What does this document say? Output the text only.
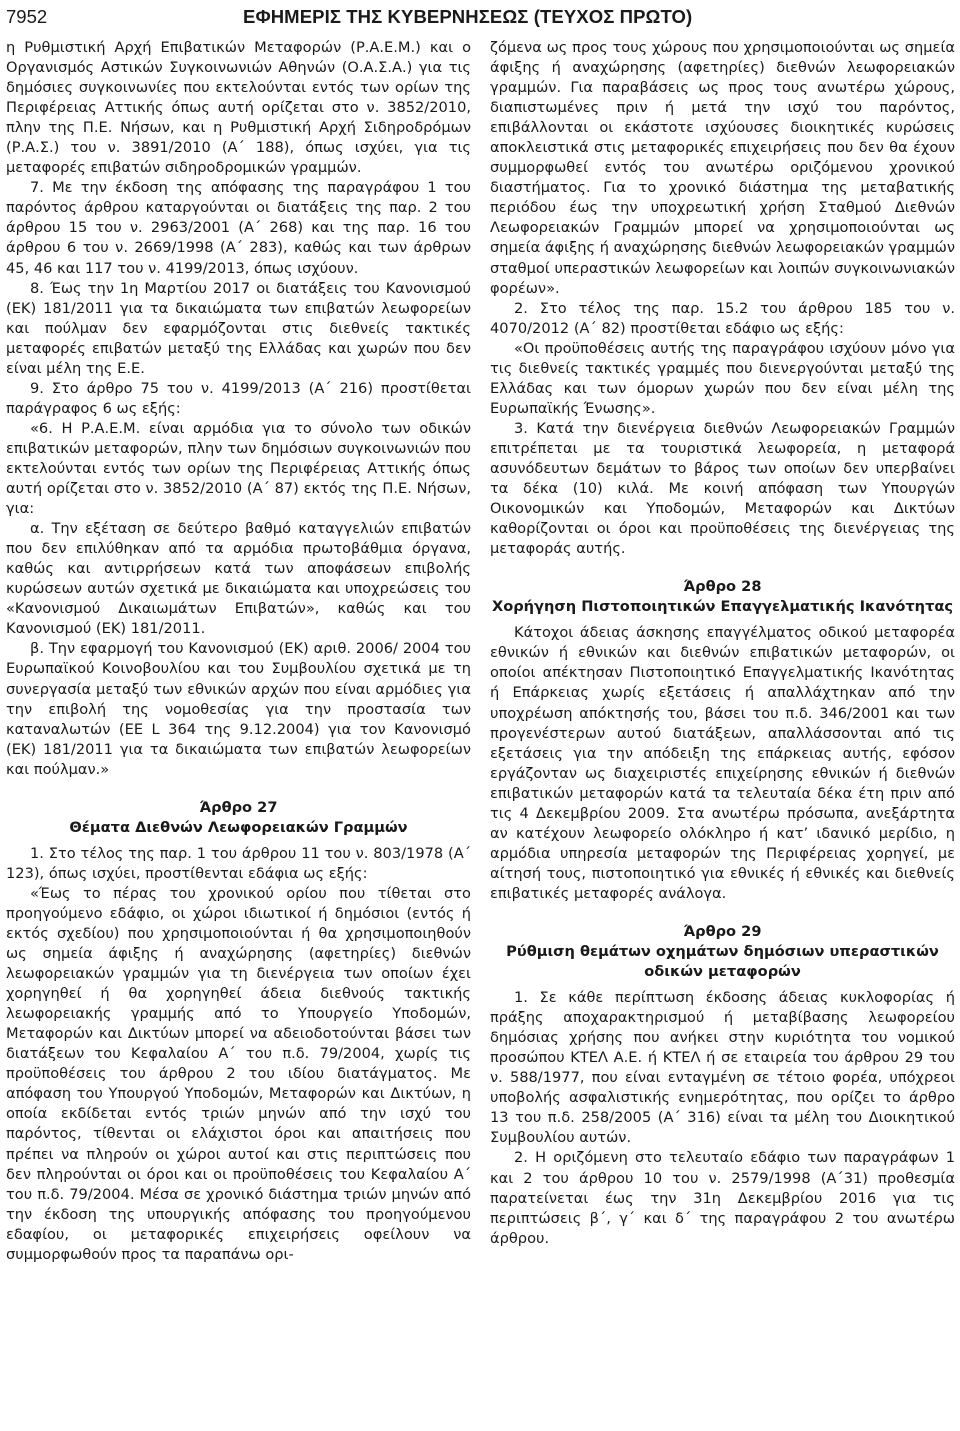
7952	ΕΦΗΜΕΡΙΣ ΤΗΣ ΚΥΒΕΡΝΗΣΕΩΣ (ΤΕΥΧΟΣ ΠΡΩΤΟ)

η Ρυθμιστική Αρχή Επιβατικών Μεταφορών (Ρ.Α.Ε.Μ.) και ο Οργανισμός Αστικών Συγκοινωνιών Αθηνών (Ο.Α.Σ.Α.) για τις δημόσιες συγκοινωνίες που εκτελούνται εντός των ορίων της Περιφέρειας Αττικής όπως αυτή ορίζεται στο ν. 3852/2010, πλην της Π.Ε. Νήσων, και η Ρυθμιστική Αρχή Σιδηροδρόμων (Ρ.Α.Σ.) του ν. 3891/2010 (Α΄ 188), όπως ισχύει, για τις μεταφορές επιβατών σιδηροδρομικών γραμμών.

7. Με την έκδοση της απόφασης της παραγράφου 1 του παρόντος άρθρου καταργούνται οι διατάξεις της παρ. 2 του άρθρου 15 του ν. 2963/2001 (Α΄ 268) και της παρ. 16 του άρθρου 6 του ν. 2669/1998 (Α΄ 283), καθώς και των άρθρων 45, 46 και 117 του ν. 4199/2013, όπως ισχύουν.

8. Έως την 1η Μαρτίου 2017 οι διατάξεις του Κανονισμού (ΕΚ) 181/2011 για τα δικαιώματα των επιβατών λεωφορείων και πούλμαν δεν εφαρμόζονται στις διεθνείς τακτικές μεταφορές επιβατών μεταξύ της Ελλάδας και χωρών που δεν είναι μέλη της Ε.Ε.

9. Στο άρθρο 75 του ν. 4199/2013 (Α΄ 216) προστίθεται παράγραφος 6 ως εξής:

«6. Η Ρ.Α.Ε.Μ. είναι αρμόδια για το σύνολο των οδικών επιβατικών μεταφορών, πλην των δημόσιων συγκοινωνιών που εκτελούνται εντός των ορίων της Περιφέρειας Αττικής όπως αυτή ορίζεται στο ν. 3852/2010 (Α΄ 87) εκτός της Π.Ε. Νήσων, για:

α. Την εξέταση σε δεύτερο βαθμό καταγγελιών επιβατών που δεν επιλύθηκαν από τα αρμόδια πρωτοβάθμια όργανα, καθώς και αντιρρήσεων κατά των αποφάσεων επιβολής κυρώσεων αυτών σχετικά με δικαιώματα και υποχρεώσεις του «Κανονισμού Δικαιωμάτων Επιβατών», καθώς και του Κανονισμού (ΕΚ) 181/2011.

β. Την εφαρμογή του Κανονισμού (ΕΚ) αριθ. 2006/ 2004 του Ευρωπαϊκού Κοινοβουλίου και του Συμβουλίου σχετικά με τη συνεργασία μεταξύ των εθνικών αρχών που είναι αρμόδιες για την επιβολή της νομοθεσίας για την προστασία των καταναλωτών (ΕΕ L 364 της 9.12.2004) για τον Κανονισμό (ΕΚ) 181/2011 για τα δικαιώματα των επιβατών λεωφορείων και πούλμαν.»

Άρθρο 27

Θέματα Διεθνών Λεωφορειακών Γραμμών

1. Στο τέλος της παρ. 1 του άρθρου 11 του ν. 803/1978 (Α΄ 123), όπως ισχύει, προστίθενται εδάφια ως εξής:

«Έως το πέρας του χρονικού ορίου που τίθεται στο προηγούμενο εδάφιο, οι χώροι ιδιωτικοί ή δημόσιοι (εντός ή εκτός σχεδίου) που χρησιμοποιούνται ή θα χρησιμοποιηθούν ως σημεία άφιξης ή αναχώρησης (αφετηρίες) διεθνών λεωφορειακών γραμμών για τη διενέργεια των οποίων έχει χορηγηθεί ή θα χορηγηθεί άδεια διεθνούς τακτικής λεωφορειακής γραμμής από το Υπουργείο Υποδομών, Μεταφορών και Δικτύων μπορεί να αδειοδοτούνται βάσει των διατάξεων του Κεφαλαίου Α΄ του π.δ. 79/2004, χωρίς τις προϋποθέσεις του άρθρου 2 του ιδίου διατάγματος. Με απόφαση του Υπουργού Υποδομών, Μεταφορών και Δικτύων, η οποία εκδίδεται εντός τριών μηνών από την ισχύ του παρόντος, τίθενται οι ελάχιστοι όροι και απαιτήσεις που πρέπει να πληρούν οι χώροι αυτοί και στις περιπτώσεις που δεν πληρούνται οι όροι και οι προϋποθέσεις του Κεφαλαίου Α΄ του π.δ. 79/2004. Μέσα σε χρονικό διάστημα τριών μηνών από την έκδοση της υπουργικής απόφασης του προηγούμενου εδαφίου, οι μεταφορικές επιχειρήσεις οφείλουν να συμμορφωθούν προς τα παραπάνω ορι-

ζόμενα ως προς τους χώρους που χρησιμοποιούνται ως σημεία άφιξης ή αναχώρησης (αφετηρίες) διεθνών λεωφορειακών γραμμών. Για παραβάσεις ως προς τους ανωτέρω χώρους, διαπιστωμένες πριν ή μετά την ισχύ του παρόντος, επιβάλλονται οι εκάστοτε ισχύουσες διοικητικές κυρώσεις αποκλειστικά στις μεταφορικές επιχειρήσεις που δεν θα έχουν συμμορφωθεί εντός του ανωτέρω οριζόμενου χρονικού διαστήματος. Για το χρονικό διάστημα της μεταβατικής περιόδου έως την υποχρεωτική χρήση Σταθμού Διεθνών Λεωφορειακών Γραμμών μπορεί να χρησιμοποιούνται ως σημεία άφιξης ή αναχώρησης διεθνών λεωφορειακών γραμμών σταθμοί υπεραστικών λεωφορείων και λοιπών συγκοινωνιακών φορέων».

2. Στο τέλος της παρ. 15.2 του άρθρου 185 του ν. 4070/2012 (Α΄ 82) προστίθεται εδάφιο ως εξής:

«Οι προϋποθέσεις αυτής της παραγράφου ισχύουν μόνο για τις διεθνείς τακτικές γραμμές που διενεργούνται μεταξύ της Ελλάδας και των όμορων χωρών που δεν είναι μέλη της Ευρωπαϊκής Ένωσης».

3. Κατά την διενέργεια διεθνών Λεωφορειακών Γραμμών επιτρέπεται με τα τουριστικά λεωφορεία, η μεταφορά ασυνόδευτων δεμάτων το βάρος των οποίων δεν υπερβαίνει τα δέκα (10) κιλά. Με κοινή απόφαση των Υπουργών Οικονομικών και Υποδομών, Μεταφορών και Δικτύων καθορίζονται οι όροι και προϋποθέσεις της διενέργειας της μεταφοράς αυτής.

Άρθρο 28

Χορήγηση Πιστοποιητικών Επαγγελματικής Ικανότητας

Κάτοχοι άδειας άσκησης επαγγέλματος οδικού μεταφορέα εθνικών ή εθνικών και διεθνών επιβατικών μεταφορών, οι οποίοι απέκτησαν Πιστοποιητικό Επαγγελματικής Ικανότητας ή Επάρκειας χωρίς εξετάσεις ή απαλλάχτηκαν από την υποχρέωση απόκτησής του, βάσει του π.δ. 346/2001 και των προγενέστερων αυτού διατάξεων, απαλλάσσονται από τις εξετάσεις για την απόδειξη της επάρκειας αυτής, εφόσον εργάζονταν ως διαχειριστές επιχείρησης εθνικών ή διεθνών επιβατικών μεταφορών κατά τα τελευταία δέκα έτη πριν από τις 4 Δεκεμβρίου 2009. Στα ανωτέρω πρόσωπα, ανεξάρτητα αν κατέχουν λεωφορείο ολόκληρο ή κατ’ ιδανικό μερίδιο, η αρμόδια υπηρεσία μεταφορών της Περιφέρειας χορηγεί, με αίτησή τους, πιστοποιητικό για εθνικές ή εθνικές και διεθνείς επιβατικές μεταφορές ανάλογα.

Άρθρο 29

Ρύθμιση θεμάτων οχημάτων δημόσιων υπεραστικών οδικών μεταφορών

1. Σε κάθε περίπτωση έκδοσης άδειας κυκλοφορίας ή πράξης αποχαρακτηρισμού ή μεταβίβασης λεωφορείου δημόσιας χρήσης που ανήκει στην κυριότητα του νομικού προσώπου ΚΤΕΛ Α.Ε. ή ΚΤΕΛ ή σε εταιρεία του άρθρου 29 του ν. 588/1977, που είναι ενταγμένη σε τέτοιο φορέα, υπόχρεοι υποβολής ασφαλιστικής ενημερότητας, που ορίζει το άρθρο 13 του π.δ. 258/2005 (Α΄ 316) είναι τα μέλη του Διοικητικού Συμβουλίου αυτών.

2. Η οριζόμενη στο τελευταίο εδάφιο των παραγράφων 1 και 2 του άρθρου 10 του ν. 2579/1998 (Α΄31) προθεσμία παρατείνεται έως την 31η Δεκεμβρίου 2016 για τις περιπτώσεις β΄, γ΄ και δ΄ της παραγράφου 2 του ανωτέρω άρθρου.
